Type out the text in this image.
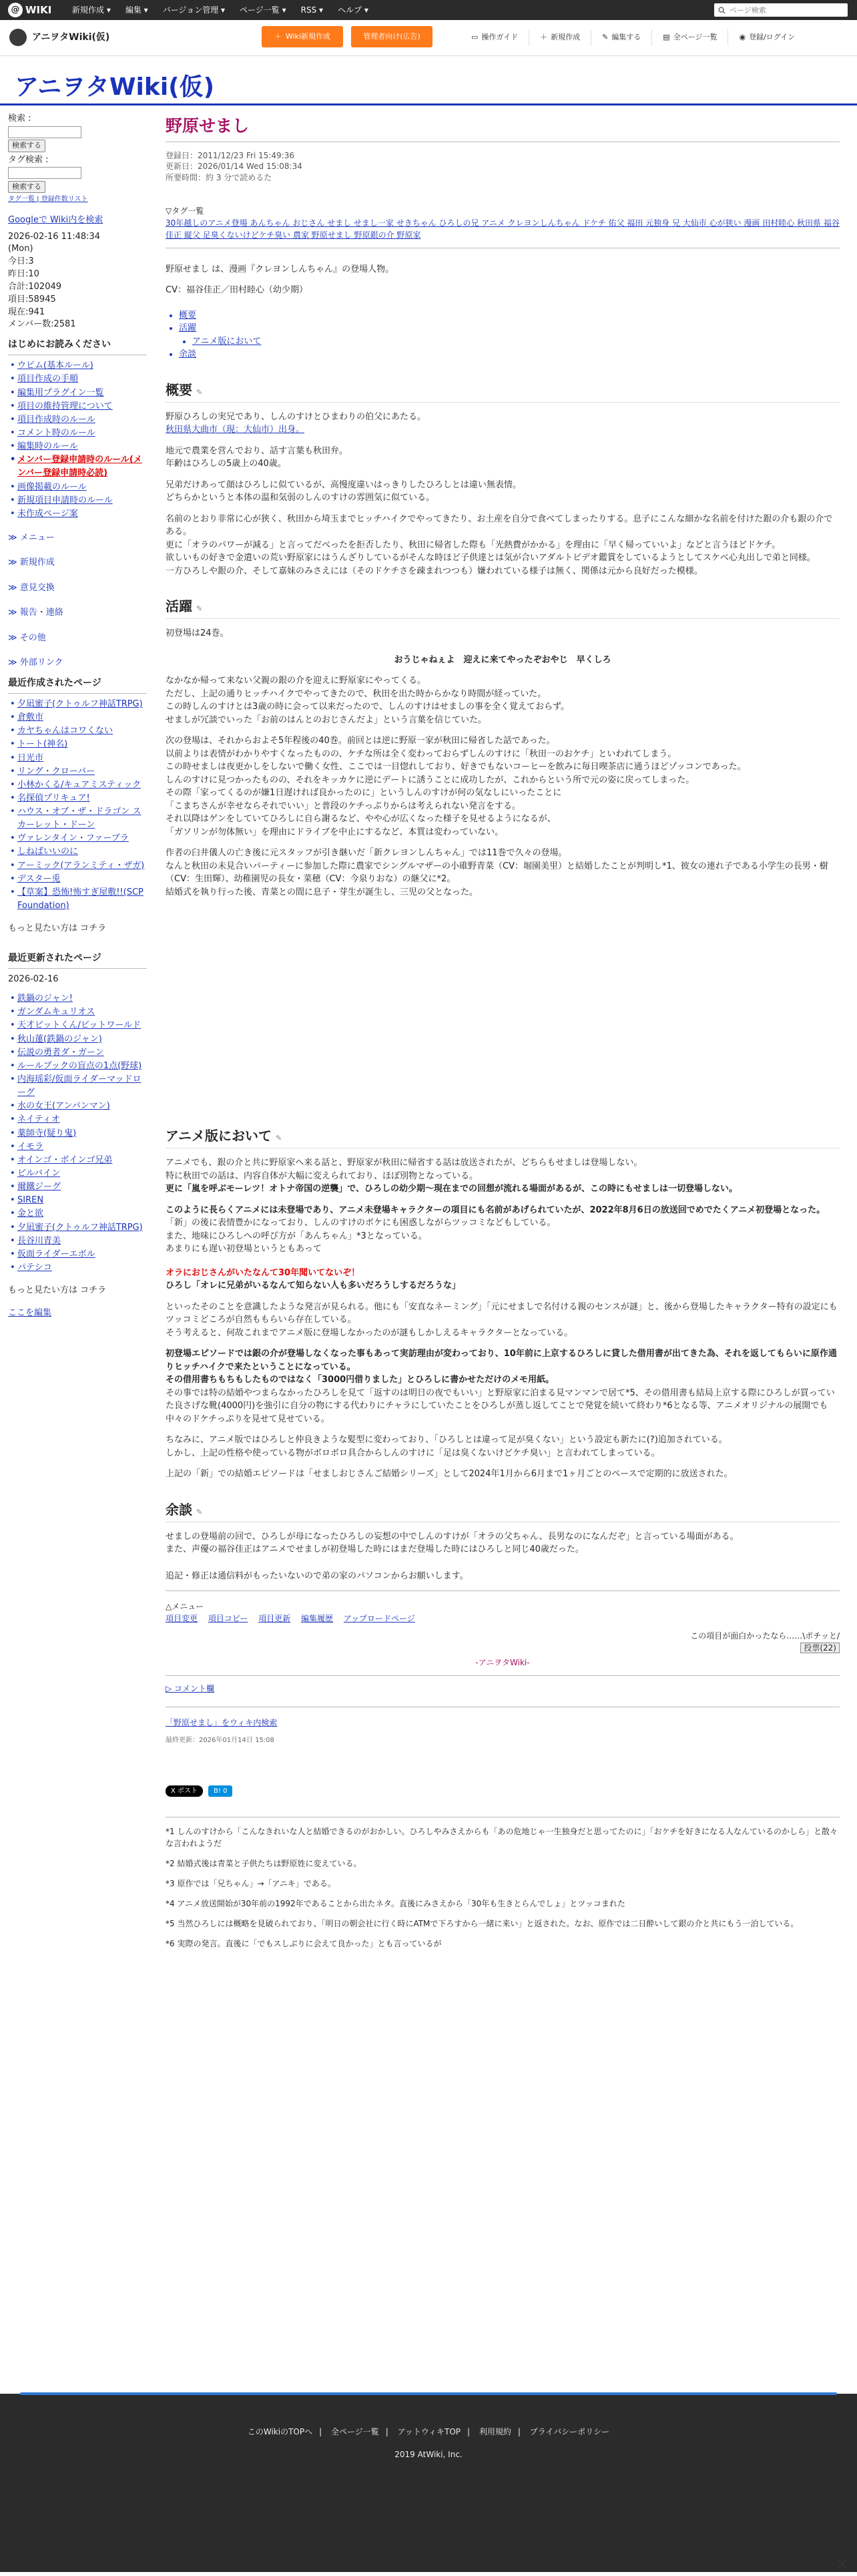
@ WIKI	新規作成 ▾ 編集 ▾ バージョン管理 ▾ ページ一覧 ▾ RSS ▾ ヘルプ ▾
ページ検索
アニヲタWiki(仮)	＋ Wiki新規作成	管理者向け(広告)	▭ 操作ガイド	＋ 新規作成	✎ 編集する	▤ 全ページ一覧	◉ 登録/ログイン
アニヲタWiki(仮)
検索 :

検索する
タグ検索 :

検索する
タグ一覧 | 登録件数リスト
Googleで Wiki内を検索
2026-02-16 11:48:34
(Mon)
今日:3
昨日:10
合計:102049
項目:58945
現在:941
メンバー数:2581
はじめにお読みください
• ウピム(基本ルール)
• 項目作成の手順
• 編集用プラグイン一覧
• 項目の維持管理について
• 項目作成時のルール
• コメント時のルール
• 編集時のルール
• メンバー登録申請時のルール(メンバー登録申請時必読)
• 画像掲載のルール
• 新規項目申請時のルール
• 未作成ページ案
≫ メニュー
≫ 新規作成
≫ 意見交換
≫ 報告・連絡
≫ その他
≫ 外部リンク
最近作成されたページ
• 夕凪蜜子(クトゥルフ神話TRPG)
• 倉敷市
• カヤちゃんはコワくない
• トート(神名)
• 日光市
• リング・クローバー
• 小林かくる/キュアミスティック
• 名探偵プリキュア!
• ハウス・オブ・ザ・ドラゴン スカーレット・ドーン
• ヴァレンタイン・ファーブラ
• しねばいいのに
• アーミック(アランミティ・ザガ)
• デスター兎
• 【草案】恐怖!怖すぎ屋敷!!(SCP Foundation)
もっと見たい方は コチラ
最近更新されたページ
2026-02-16
• 鉄鍋のジャン!
• ガンダムキュリオス
• 天才ビットくん/ビットワールド
• 秋山蓮(鉄鍋のジャン)
• 伝説の勇者ダ・ガーン
• ルールブックの盲点の1点(野球)
• 内海瑶彩/仮面ライダーマッドローグ
• 水の女王(アンパンマン)
• ネイティオ
• 薬師寺(疑り鬼)
• イモラ
• オインゴ・ボインゴ兄弟
• ビルバイン
• 爾鐵ジーグ
• SIREN
• 金と欲
• 夕凪蜜子(クトゥルフ神話TRPG)
• 長谷川青美
• 仮面ライダーエボル
• パテシコ
もっと見たい方は コチラ
ここを編集
野原せまし
登録日：2011/12/23 Fri 15:49:36
更新日：2026/01/14 Wed 15:08:34
所要時間：約 3 分で読めるた
▽タグ一覧
30年越しのアニメ登場 あんちゃん おじさん せまし せまし一家 せきちゃん ひろしの兄 アニメ クレヨンしんちゃん ドケチ 佑父 福田 元独身 兄 大仙市 心が狭い 漫画 田村睦心 秋田県 福谷佳正 縦父 足臭くないけどケチ臭い 農家 野原せまし 野原銀の介 野原家

野原せまし は、漫画『クレヨンしんちゃん』の登場人物。

CV：福谷佳正／田村睦心（幼少期）

• 概要
• 活躍
• アニメ版において
• 余談
概要 ✎

野原ひろしの実兄であり、しんのすけとひまわりの伯父にあたる。
秋田県大曲市（現：大仙市）出身。

地元で農業を営んでおり、話す言葉も秋田弁。
年齢はひろしの5歳上の40歳。

兄弟だけあって顔はひろしに似ているが、高慢度違いはっきりしたひろしとは違い無表情。
どちらかというと本体の温和気弱のしんのすけの雰囲気に似ている。

名前のとおり非常に心が狭く、秋田から埼玉までヒッチハイクでやってきたり、お土産を自分で食べてしまったりする。息子にこんな細かな名前を付けた銀の介も銀の介である。
更に「オラのパワーが減る」と言ってだべったを拒否したり、秋田に帰省した際も「光熱費がかかる」を理由に「早く帰っていいよ」などと言うほどドケチ。
欲しいもの好きで金遣いの荒い野原家にはうんざりしているがそんな時ほど子供達とは気が合いアダルトビデオ鑑賞をしているようとしてスケベ心丸出しで弟と同様。
一方ひろしや銀の介、そして嘉妹のみさえには（そのドケチさを疎まれつつも）嫌われている様子は無く、関係は元から良好だった模様。

活躍 ✎

初登場は24巻。

おうじゃねぇよ　迎えに来てやったぞおやじ　早くしろ

なかなか帰って来ない父親の銀の介を迎えに野原家にやってくる。
ただし、上記の通りヒッチハイクでやってきたので、秋田を出た時からかなり時間が経っていた。
この時しんのすけとは3歳の時に会って以来だったので、しんのすけはせましの事を全く覚えておらず。
せましが冗談でいった「お前のはんとのおじさんだよ」という言葉を信じていた。

次の登場は、それからおよそ5年程後の40巻。前回とは逆に野原一家が秋田に帰省した話であった。
以前よりは表情がわかりやすくなったものの、ケチな所は全く変わっておらずしんのすけに「秋田一のおケチ」といわれてしまう。
この時せましは夜更かしをしないで働く女性、ここでは一目惚れしており、好きでもないコーヒーを飲みに毎日喫茶店に通うほどゾッコンであった。
しんのすけに見つかったものの、それをキッカケに逆にデートに誘うことに成功したが、これからという所で元の姿に戻ってしまった。
その際「家ってくるのが嫌1日遅ければ良かったのに」というしんのすけが何の気なしにいったことに
「こまちさんが幸せならそれでいい」と普段のケチっぷりからは考えられない発言をする。
それ以降はゲンをしていてひろしに自ら謝るなど、やや心が広くなった様子を見せるようになるが、
「ガソリンが勿体無い」を理由にドライブを中止にするなど、本質は変わっていない。

作者の臼井儀人の亡き後に元スタッフが引き継いだ「新クレヨンしんちゃん」では11巻で久々の登場。
なんと秋田の未見合いパーティーに参加した際に農家でシングルマザーの小碓野青菜（CV：堀園美里）と結婚したことが判明し*1、彼女の連れ子である小学生の長男・樹（CV：生田輝）、幼稚園児の長女・菜穂（CV：今泉りおな）の継父に*2。
結婚式を執り行った後、青菜との間に息子・芽生が誕生し、三児の父となった。

アニメ版において ✎

アニメでも、銀の介と共に野原家へ来る話と、野原家が秋田に帰省する話は放送されたが、どちらもせましは登場しない。
特に秋田での話は、内容自体が大幅に変えられており、ほぼ別物となっている。
更に「嵐を呼ぶモーレツ！オトナ帝国の逆襲」で、ひろしの幼少期～現在までの回想が流れる場面があるが、この時にもせましは一切登場しない。

このように長らくアニメには未登場であり、アニメ未登場キャラクターの項目にも名前があげられていたが、2022年8月6日の放送回でめでたくアニメ初登場となった。
「新」の後に表情豊かになっており、しんのすけのボケにも困惑しながらツッコミなどもしている。
また、地味にひろしへの呼び方が「あんちゃん」*3となっている。
あまりにも遅い初登場というともあって

オラにおじさんがいたなんて30年聞いてないぞ！
ひろし「オレに兄弟がいるなんて知らない人も多いだろうしするだろうな」

といったそのことを意識したような発言が見られる。他にも「安直なネーミング」「元にせましで名付ける親のセンスが謎」と、後から登場したキャラクター特有の設定にもツッコミどころが自然ももらいら存在している。
そう考えると、何故これまでアニメ版に登場しなかったのが謎もしかしえるキャラクターとなっている。

初登場エピソードでは銀の介が登場しなくなった事もあって実訪理由が変わっており、10年前に上京するひろしに貸した借用書が出てきた為、それを返してもらいに原作通りヒッチハイクで来たということになっている。
その借用書ちもちもしたものではなく「3000円借りました」とひろしに書かせただけのメモ用紙。
その事では特の結婚やつまらなかったひろしを見て「返すのは明日の夜でもいい」と野原家に泊まる見マンマンで居て*5、その借用書も結局上京する際にひろしが買っていた良さげな靴(4000円)を強引に自分の物にする代わりにチャラにしていたことをひろしが蒸し返してことで発覚を続いて終わり*6となる等、アニメオリジナルの展開でも中々のドケチっぷりを見せて見せている。

ちなみに、アニメ版ではひろしと仲良きような髪型に変わっており、「ひろしとは違って足が臭くない」という設定も新たに(?)追加されている。
しかし、上記の性格や使っている物がボロボロ具合からしんのすけに「足は臭くないけどケチ臭い」と言われてしまっている。

上記の「新」での結婚エピソードは「せましおじさんご結婚シリーズ」として2024年1月から6月まで1ヶ月ごとのペースで定期的に放送された。

余談 ✎

せましの登場前の回で、ひろしが母になったひろしの妄想の中でしんのすけが「オラの父ちゃん、長男なのになんだぞ」と言っている場面がある。
また、声優の福谷佳正はアニメでせましが初登場した時にはまだ登場した時にはひろしと同じ40歳だった。

追記・修正は通信料がもったいないので弟の家のパソコンからお願いします。

△メニュー
項目変更　 項目コピー　 項目更新　 編集履歴　 アップロードページ
この項目が面白かったなら……\ポチッと/
投票(22)
-アニヲタWiki-
▷ コメント欄
「野原せまし」をウィキ内検索
最終更新：2026年01月14日 15:08
X ポスト	B! 0

*1 しんのすけから「こんなきれいな人と結婚できるのがおかしい。ひろしやみさえからも「あの危地じゃ一生独身だと思ってたのに」「おケチを好きになる人なんているのかしら」と散々な言われようだ

*2 結婚式後は青菜と子供たちは野原姓に変えている。

*3 原作では「兄ちゃん」→「アニキ」である。

*4 アニメ放送開始が30年前の1992年であることから出たネタ。直後にみさえから「30年も生きとらんでしょ」とツッコまれた

*5 当然ひろしには概略を見破られており、「明日の朝会社に行く時にATMで下ろすから一緒に来い」と返された。なお、原作では二日酔いして銀の介と共にもう一泊している。

*6 実際の発言。直後に「でもスしぶりに会えて良かった」とも言っているが

このWikiのTOPへ | 全ページ一覧 | アットウィキTOP | 利用規約 | プライバシーポリシー
2019 AtWiki, Inc.
✕
